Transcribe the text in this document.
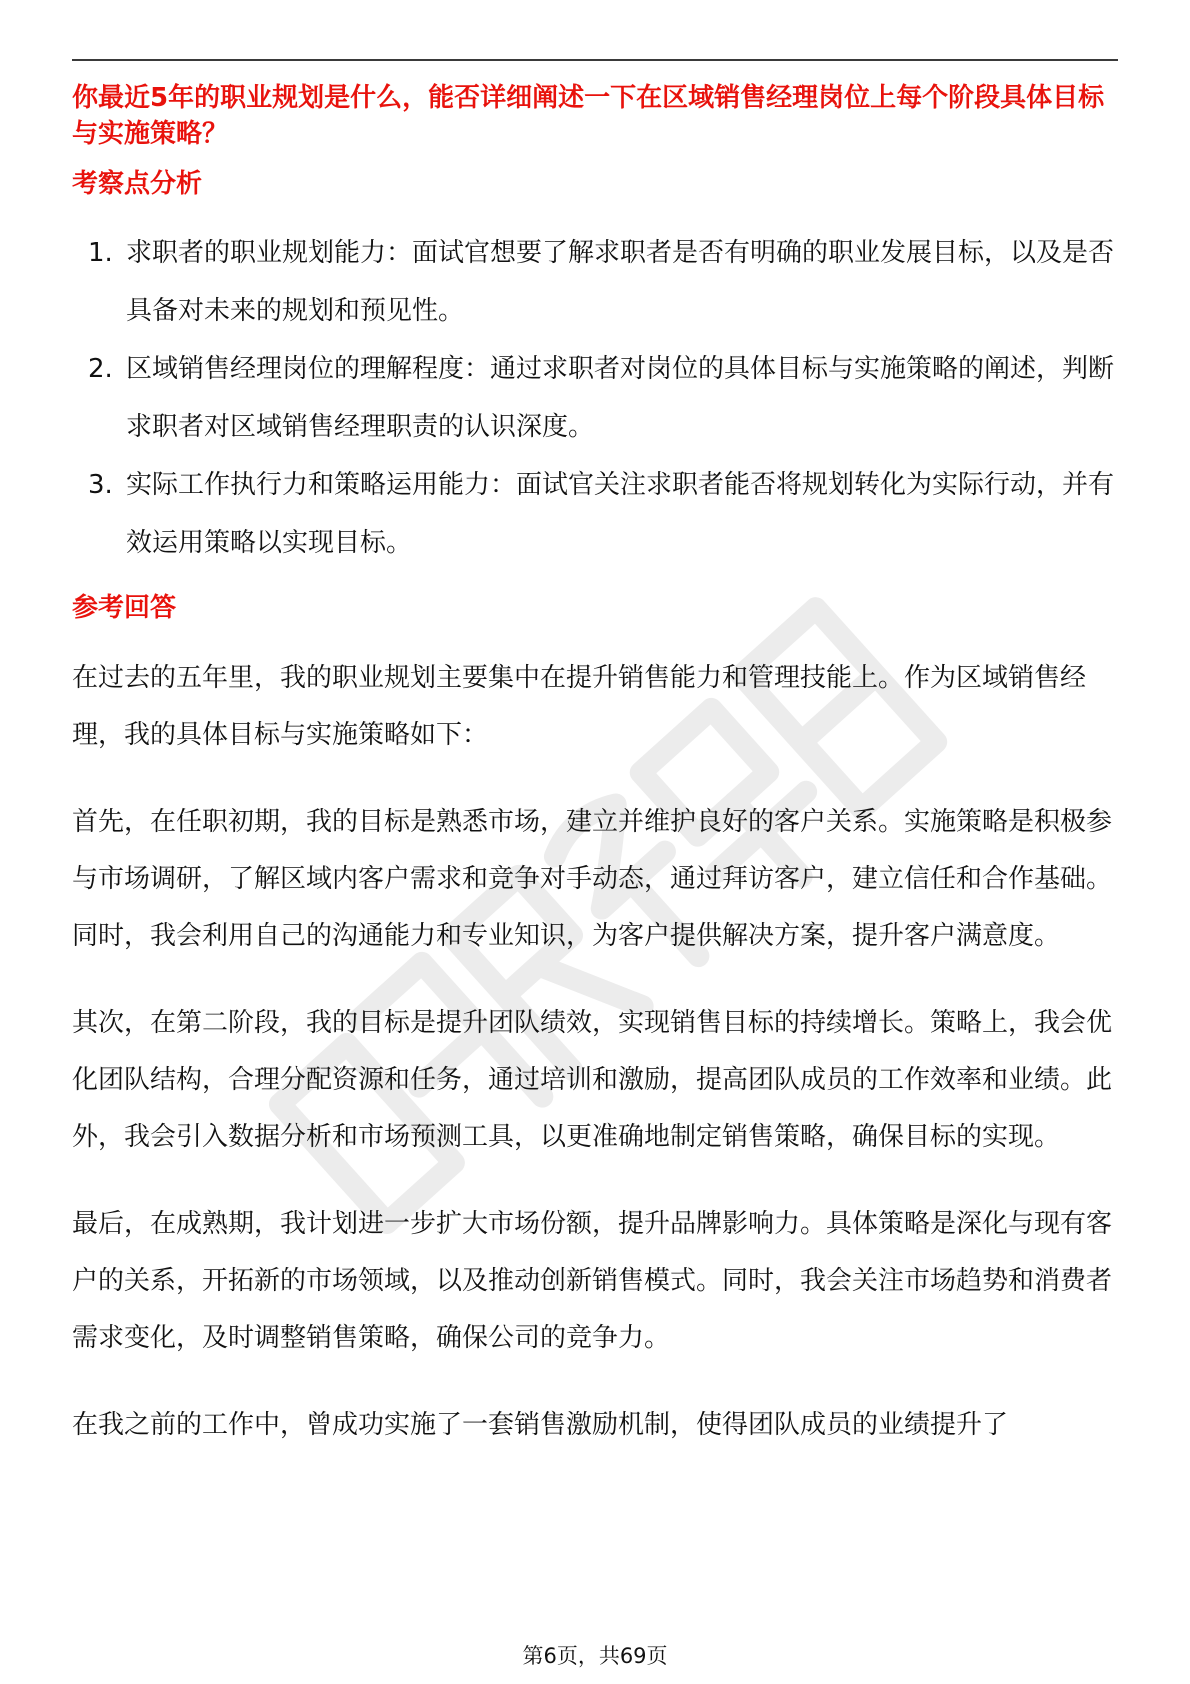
你最近5年的职业规划是什么，能否详细阐述一下在区域销售经理岗位上每个阶段具体目标与实施策略？

考察点分析

1. 求职者的职业规划能力：面试官想要了解求职者是否有明确的职业发展目标，以及是否具备对未来的规划和预见性。
2. 区域销售经理岗位的理解程度：通过求职者对岗位的具体目标与实施策略的阐述，判断求职者对区域销售经理职责的认识深度。
3. 实际工作执行力和策略运用能力：面试官关注求职者能否将规划转化为实际行动，并有效运用策略以实现目标。

参考回答

在过去的五年里，我的职业规划主要集中在提升销售能力和管理技能上。作为区域销售经理，我的具体目标与实施策略如下：

首先，在任职初期，我的目标是熟悉市场，建立并维护良好的客户关系。实施策略是积极参与市场调研，了解区域内客户需求和竞争对手动态，通过拜访客户，建立信任和合作基础。同时，我会利用自己的沟通能力和专业知识，为客户提供解决方案，提升客户满意度。

其次，在第二阶段，我的目标是提升团队绩效，实现销售目标的持续增长。策略上，我会优化团队结构，合理分配资源和任务，通过培训和激励，提高团队成员的工作效率和业绩。此外，我会引入数据分析和市场预测工具，以更准确地制定销售策略，确保目标的实现。

最后，在成熟期，我计划进一步扩大市场份额，提升品牌影响力。具体策略是深化与现有客户的关系，开拓新的市场领域，以及推动创新销售模式。同时，我会关注市场趋势和消费者需求变化，及时调整销售策略，确保公司的竞争力。

在我之前的工作中，曾成功实施了一套销售激励机制，使得团队成员的业绩提升了

第6页，共69页
